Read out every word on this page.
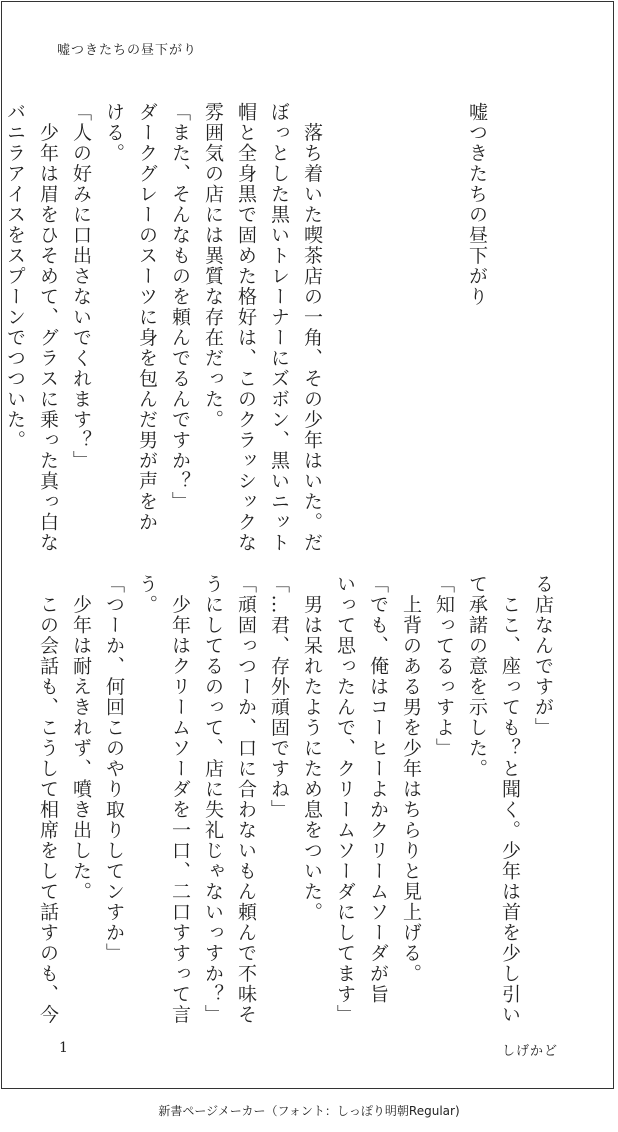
嘘つきたちの昼下がり

嘘つきたちの昼下がり

　落ち着いた喫茶店の一角、その少年はいた。だ

ぼっとした黒いトレーナーにズボン、黒いニット

帽と全身黒で固めた格好は、このクラッシックな

雰囲気の店には異質な存在だった。

「また、そんなものを頼んでるんですか？」

ダークグレーのスーツに身を包んだ男が声をか

ける。

「人の好みに口出さないでくれます？」

　少年は眉をひそめて、グラスに乗った真っ白な

バニラアイスをスプーンでつついた。

る店なんですが」

　ここ、座っても？と聞く。少年は首を少し引い

て承諾の意を示した。

「知ってるっすよ」

　上背のある男を少年はちらりと見上げる。

「でも、俺はコーヒーよかクリームソーダが旨

いって思ったんで、クリームソーダにしてます」

　男は呆れたようにため息をついた。

「…君、存外頑固ですね」

「頑固っつーか、口に合わないもん頼んで不味そ

うにしてるのって、店に失礼じゃないっすか？」

　少年はクリームソーダを一口、二口すすって言

う。

「つーか、何回このやり取りしてンすか」

　少年は耐えきれず、噴き出した。

　この会話も、こうして相席をして話すのも、今

1	しげかど
新書ページメーカー（フォント：しっぽり明朝Regular)
